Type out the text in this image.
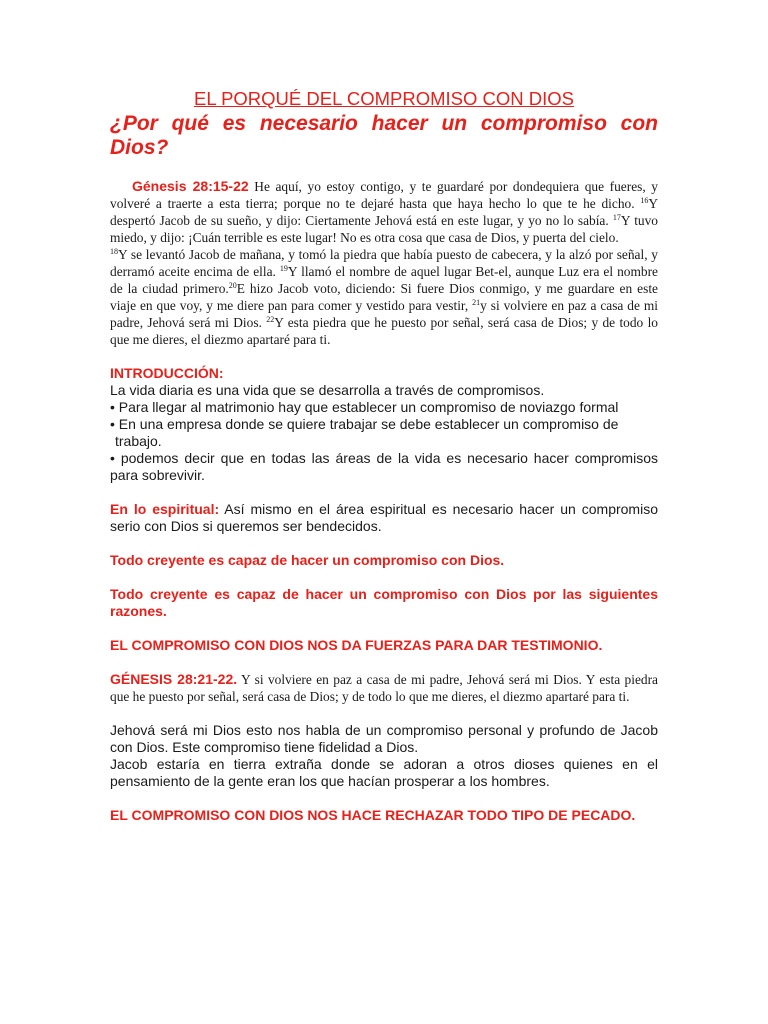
EL PORQUÉ DEL COMPROMISO CON DIOS

¿Por qué es necesario hacer un compromiso con Dios?

Génesis 28:15-22 He aquí, yo estoy contigo, y te guardaré por dondequiera que fueres, y volveré a traerte a esta tierra; porque no te dejaré hasta que haya hecho lo que te he dicho. $^{16}$Y despertó Jacob de su sueño, y dijo: Ciertamente Jehová está en este lugar, y yo no lo sabía. $^{17}$Y tuvo miedo, y dijo: ¡Cuán terrible es este lugar! No es otra cosa que casa de Dios, y puerta del cielo.

$^{18}$Y se levantó Jacob de mañana, y tomó la piedra que había puesto de cabecera, y la alzó por señal, y derramó aceite encima de ella. $^{19}$Y llamó el nombre de aquel lugar Bet-el, aunque Luz era el nombre de la ciudad primero.$^{20}$E hizo Jacob voto, diciendo: Si fuere Dios conmigo, y me guardare en este viaje en que voy, y me diere pan para comer y vestido para vestir, $^{21}$y si volviere en paz a casa de mi padre, Jehová será mi Dios. $^{22}$Y esta piedra que he puesto por señal, será casa de Dios; y de todo lo que me dieres, el diezmo apartaré para ti.

INTRODUCCIÓN:

La vida diaria es una vida que se desarrolla a través de compromisos.

• Para llegar al matrimonio hay que establecer un compromiso de noviazgo formal

• En una empresa donde se quiere trabajar se debe establecer un compromiso de

trabajo.

• podemos decir que en todas las áreas de la vida es necesario hacer compromisos para sobrevivir.

En lo espiritual: Así mismo en el área espiritual es necesario hacer un compromiso serio con Dios si queremos ser bendecidos.

Todo creyente es capaz de hacer un compromiso con Dios.

Todo creyente es capaz de hacer un compromiso con Dios por las siguientes razones.

EL COMPROMISO CON DIOS NOS DA FUERZAS PARA DAR TESTIMONIO.

GÉNESIS 28:21-22. Y si volviere en paz a casa de mi padre, Jehová será mi Dios. Y esta piedra que he puesto por señal, será casa de Dios; y de todo lo que me dieres, el diezmo apartaré para ti.

Jehová será mi Dios esto nos habla de un compromiso personal y profundo de Jacob con Dios. Este compromiso tiene fidelidad a Dios.

Jacob estaría en tierra extraña donde se adoran a otros dioses quienes en el pensamiento de la gente eran los que hacían prosperar a los hombres.

EL COMPROMISO CON DIOS NOS HACE RECHAZAR TODO TIPO DE PECADO.
